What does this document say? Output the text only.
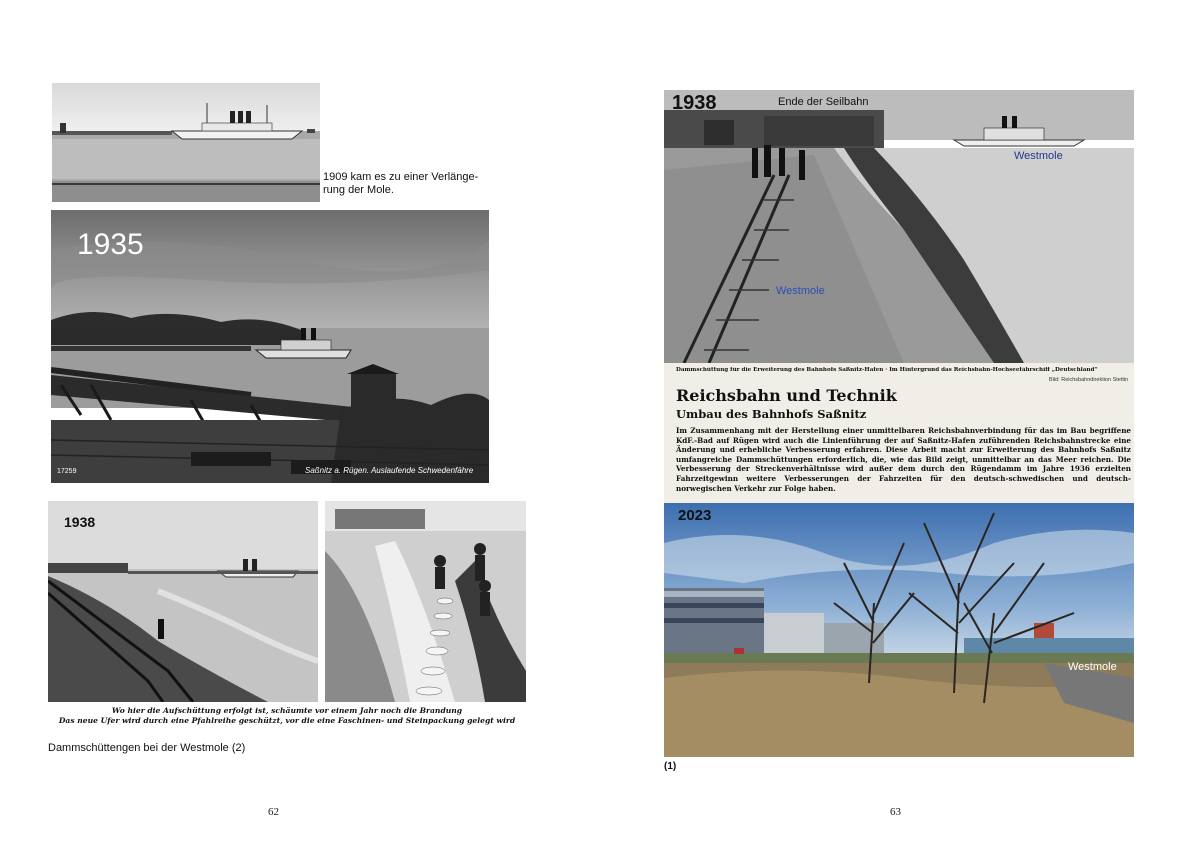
1909 kam es zu einer Verlänge-
rung der Mole.
1935
17259	Saßnitz a. Rügen. Auslaufende Schwedenfähre
1938
Wo hier die Aufschüttung erfolgt ist, schäumte vor einem Jahr noch die Brandung
Das neue Ufer wird durch eine Pfahlreihe geschützt, vor die eine Faschinen- und Steinpackung gelegt wird
Dammschüttengen bei der Westmole (2)
62
1938	Ende der Seilbahn
Westmole
Westmole
Dammschüttung für die Erweiterung des Bahnhofs Saßnitz-Hafen · Im Hintergrund das Reichsbahn-Hochseefährschiff „Deutschland“
Bild: Reichsbahndirektion Stettin
Reichsbahn und Technik
Umbau des Bahnhofs Saßnitz
Im Zusammenhang mit der Herstellung einer unmittelbaren Reichsbahnverbindung für das im Bau begriffene KdF.-Bad auf Rügen wird auch die Linienführung der auf Saßnitz-Hafen zuführenden Reichsbahnstrecke eine Änderung und erhebliche Verbesserung erfahren. Diese Arbeit macht zur Erweiterung des Bahnhofs Saßnitz umfangreiche Dammschüttungen erforderlich, die, wie das Bild zeigt, unmittelbar an das Meer reichen. Die Verbesserung der Streckenverhältnisse wird außer dem durch den Rügendamm im Jahre 1936 erzielten Fahrzeitgewinn weitere Verbesserungen der Fahrzeiten für den deutsch-schwedischen und deutsch-norwegischen Verkehr zur Folge haben.
2023
Westmole
(1)
63
